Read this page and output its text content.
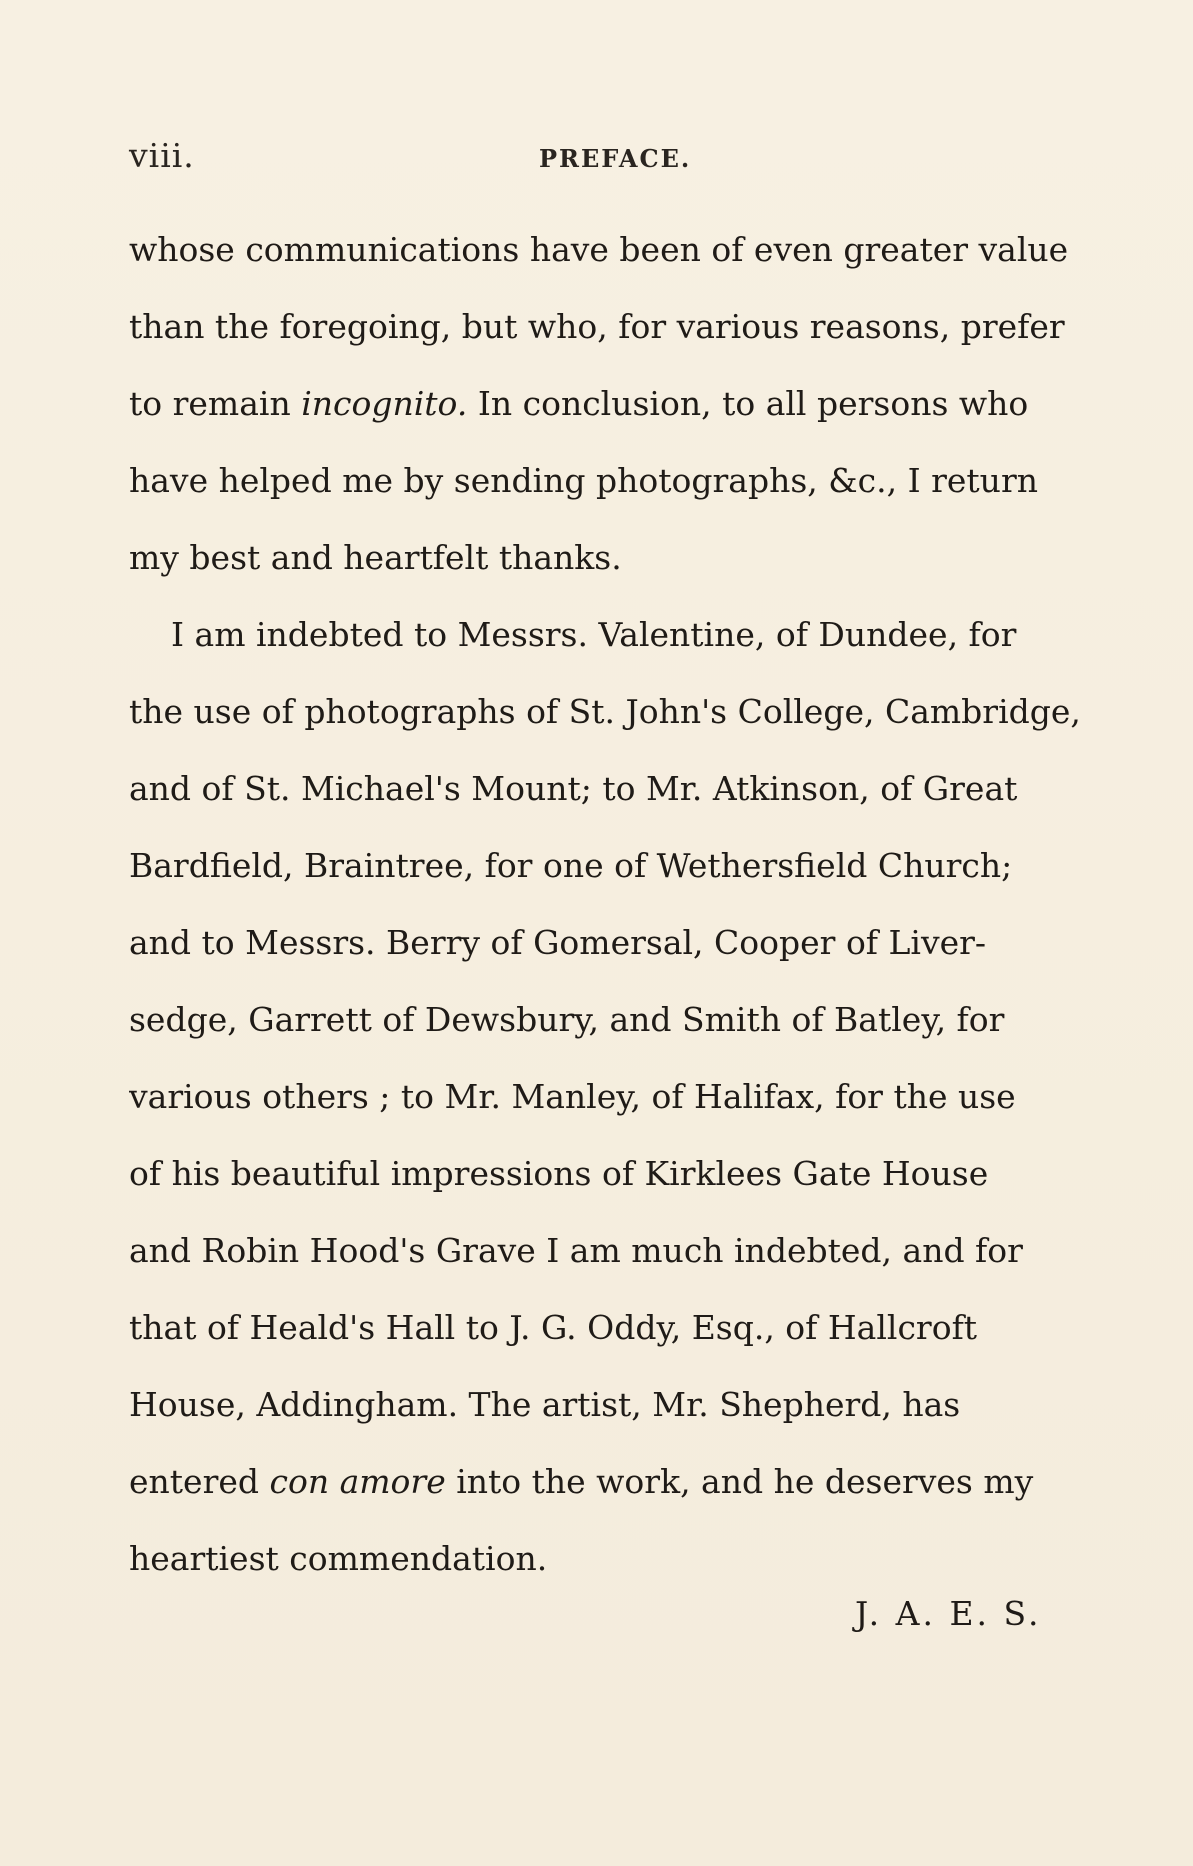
viii.	PREFACE.
whose communications have been of even greater value
than the foregoing, but who, for various reasons, prefer
to remain incognito. In conclusion, to all persons who
have helped me by sending photographs, &c., I return
my best and heartfelt thanks.
I am indebted to Messrs. Valentine, of Dundee, for
the use of photographs of St. John's College, Cambridge,
and of St. Michael's Mount; to Mr. Atkinson, of Great
Bardfield, Braintree, for one of Wethersfield Church;
and to Messrs. Berry of Gomersal, Cooper of Liver-
sedge, Garrett of Dewsbury, and Smith of Batley, for
various others ; to Mr. Manley, of Halifax, for the use
of his beautiful impressions of Kirklees Gate House
and Robin Hood's Grave I am much indebted, and for
that of Heald's Hall to J. G. Oddy, Esq., of Hallcroft
House, Addingham. The artist, Mr. Shepherd, has
entered con amore into the work, and he deserves my
heartiest commendation.
J. A. E. S.
